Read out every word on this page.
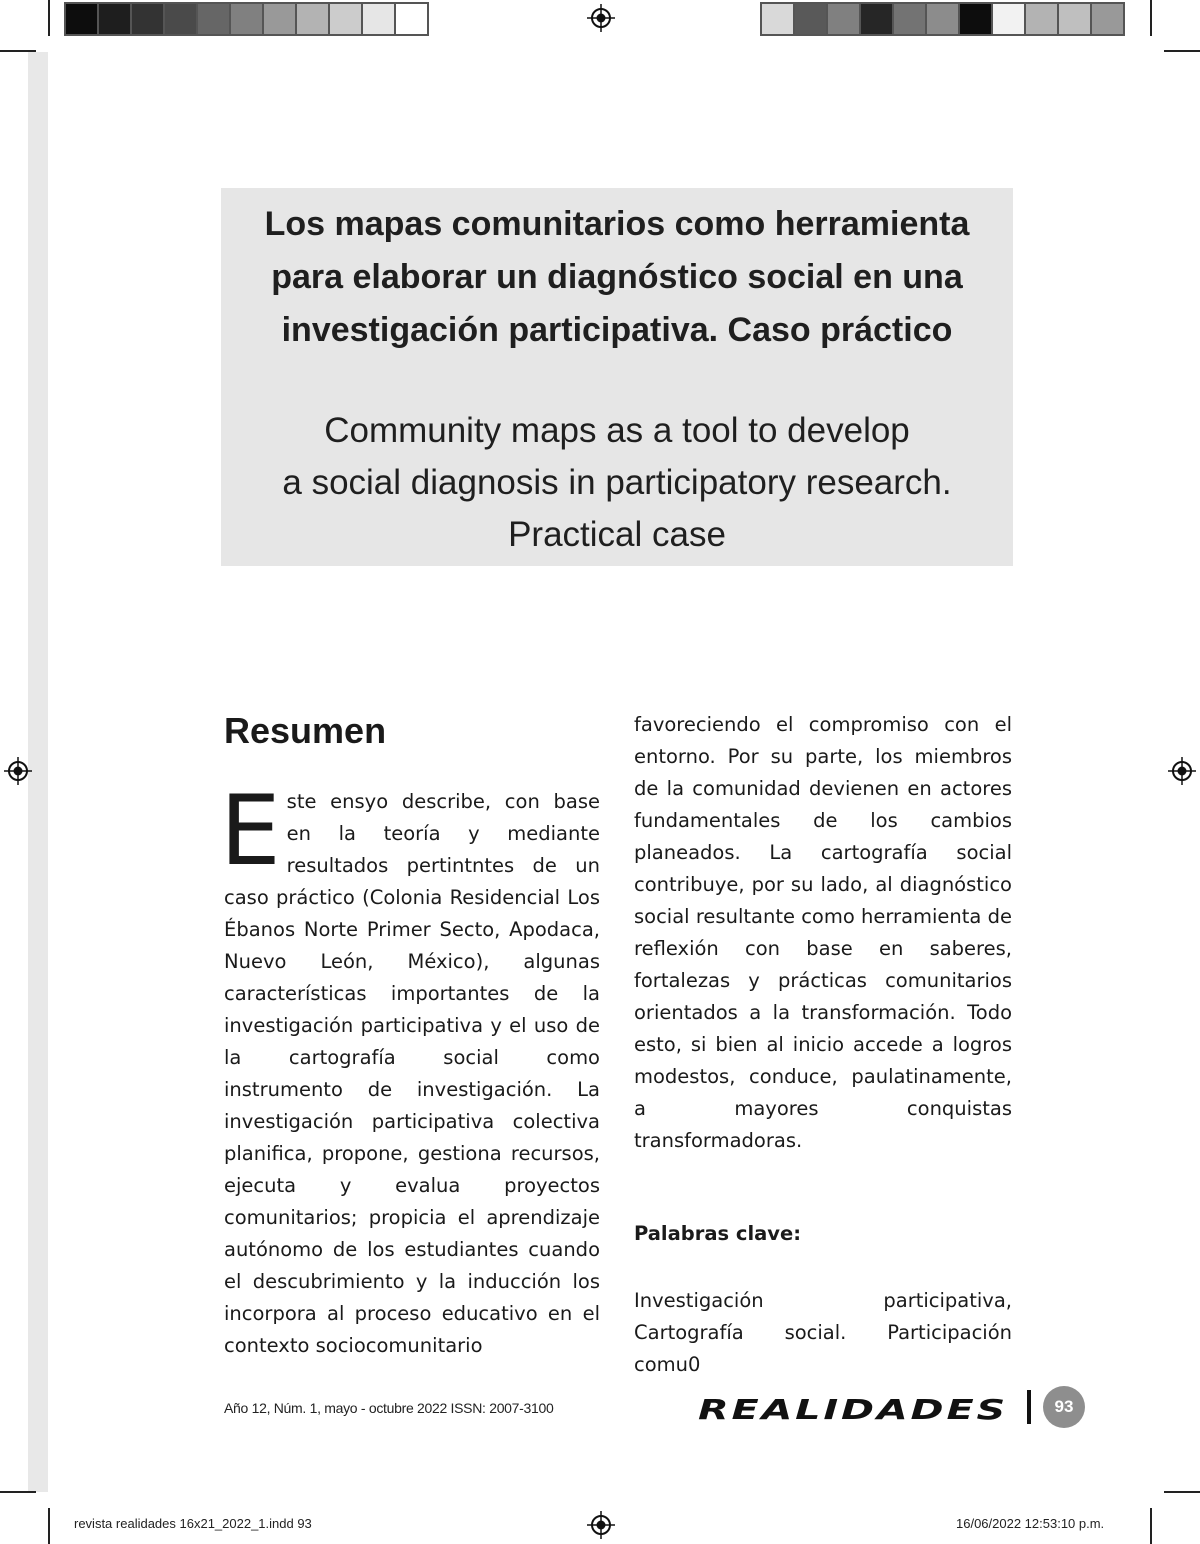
Los mapas comunitarios como herramienta
para elaborar un diagnóstico social en una
investigación participativa. Caso práctico
Community maps as a tool to develop
a social diagnosis in participatory research.
Practical case
Resumen
Este ensyo describe, con base en la teoría y mediante resultados pertintntes de un caso práctico (Colonia Residencial Los Ébanos Norte Primer Secto, Apodaca, Nuevo León, México), algunas características importantes de la investigación participativa y el uso de la cartografía social como instrumento de investigación. La investigación participativa colectiva planifica, propone, gestiona recursos, ejecuta y evalua proyectos comunitarios; propicia el aprendizaje autónomo de los estudiantes cuando el descubrimiento y la inducción los incorpora al proceso educativo en el contexto sociocomunitario
favoreciendo el compromiso con el entorno. Por su parte, los miembros de la comunidad devienen en actores fundamentales de los cambios planeados. La cartografía social contribuye, por su lado, al diagnóstico social resultante como herramienta de reflexión con base en saberes, fortalezas y prácticas comunitarios orientados a la transformación. Todo esto, si bien al inicio accede a logros modestos, conduce, paulatinamente, a mayores conquistas transformadoras.
Palabras clave:
Investigación participativa, Cartografía social. Participación comu0
Año 12, Núm. 1, mayo - octubre 2022 ISSN: 2007-3100	REALIDADES	93
revista realidades 16x21_2022_1.indd 93	16/06/2022 12:53:10 p.m.
